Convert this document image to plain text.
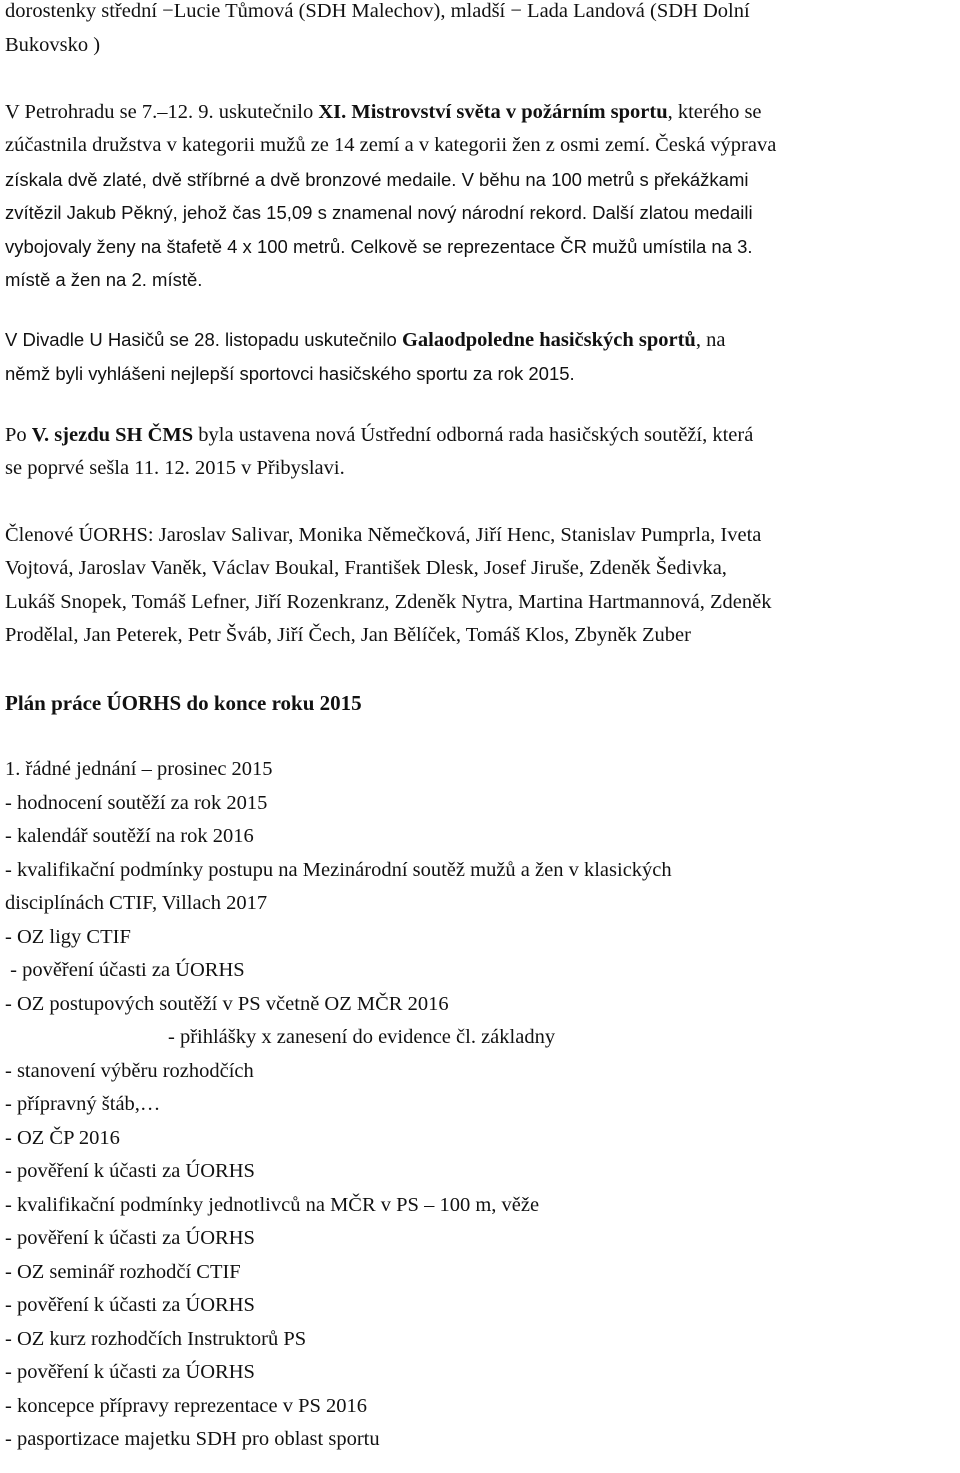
dorostenky střední −Lucie Tůmová (SDH Malechov), mladší − Lada Landová (SDH Dolní
Bukovsko )
V Petrohradu se 7.–12. 9. uskutečnilo XI. Mistrovství světa v požárním sportu, kterého se
zúčastnila družstva v kategorii mužů ze 14 zemí a v kategorii žen z osmi zemí. Česká výprava
získala dvě zlaté, dvě stříbrné a dvě bronzové medaile. V běhu na 100 metrů s překážkami
zvítězil Jakub Pěkný, jehož čas 15,09 s znamenal nový národní rekord. Další zlatou medaili
vybojovaly ženy na štafetě 4 x 100 metrů. Celkově se reprezentace ČR mužů umístila na 3.
místě a žen na 2. místě.
V Divadle U Hasičů se 28. listopadu uskutečnilo Galaodpoledne hasičských sportů, na
němž byli vyhlášeni nejlepší sportovci hasičského sportu za rok 2015.
Po V. sjezdu SH ČMS byla ustavena nová Ústřední odborná rada hasičských soutěží, která
se poprvé sešla 11. 12. 2015 v Přibyslavi.
Členové ÚORHS: Jaroslav Salivar, Monika Němečková, Jiří Henc, Stanislav Pumprla, Iveta
Vojtová, Jaroslav Vaněk, Václav Boukal, František Dlesk, Josef Jiruše, Zdeněk Šedivka,
Lukáš Snopek, Tomáš Lefner, Jiří Rozenkranz, Zdeněk Nytra, Martina Hartmannová, Zdeněk
Prodělal, Jan Peterek, Petr Šváb, Jiří Čech, Jan Bělíček, Tomáš Klos, Zbyněk Zuber
Plán práce ÚORHS do konce roku 2015
1. řádné jednání – prosinec 2015
- hodnocení soutěží za rok 2015
- kalendář soutěží na rok 2016
- kvalifikační podmínky postupu na Mezinárodní soutěž mužů a žen v klasických
disciplínách CTIF, Villach 2017
- OZ ligy CTIF
- pověření účasti za ÚORHS
- OZ postupových soutěží v PS včetně OZ MČR 2016
- přihlášky x zanesení do evidence čl. základny
- stanovení výběru rozhodčích
- přípravný štáb,…
- OZ ČP 2016
- pověření k účasti za ÚORHS
- kvalifikační podmínky jednotlivců na MČR v PS – 100 m, věže
- pověření k účasti za ÚORHS
- OZ seminář rozhodčí CTIF
- pověření k účasti za ÚORHS
- OZ kurz rozhodčích Instruktorů PS
- pověření k účasti za ÚORHS
- koncepce přípravy reprezentace v PS 2016
- pasportizace majetku SDH pro oblast sportu
